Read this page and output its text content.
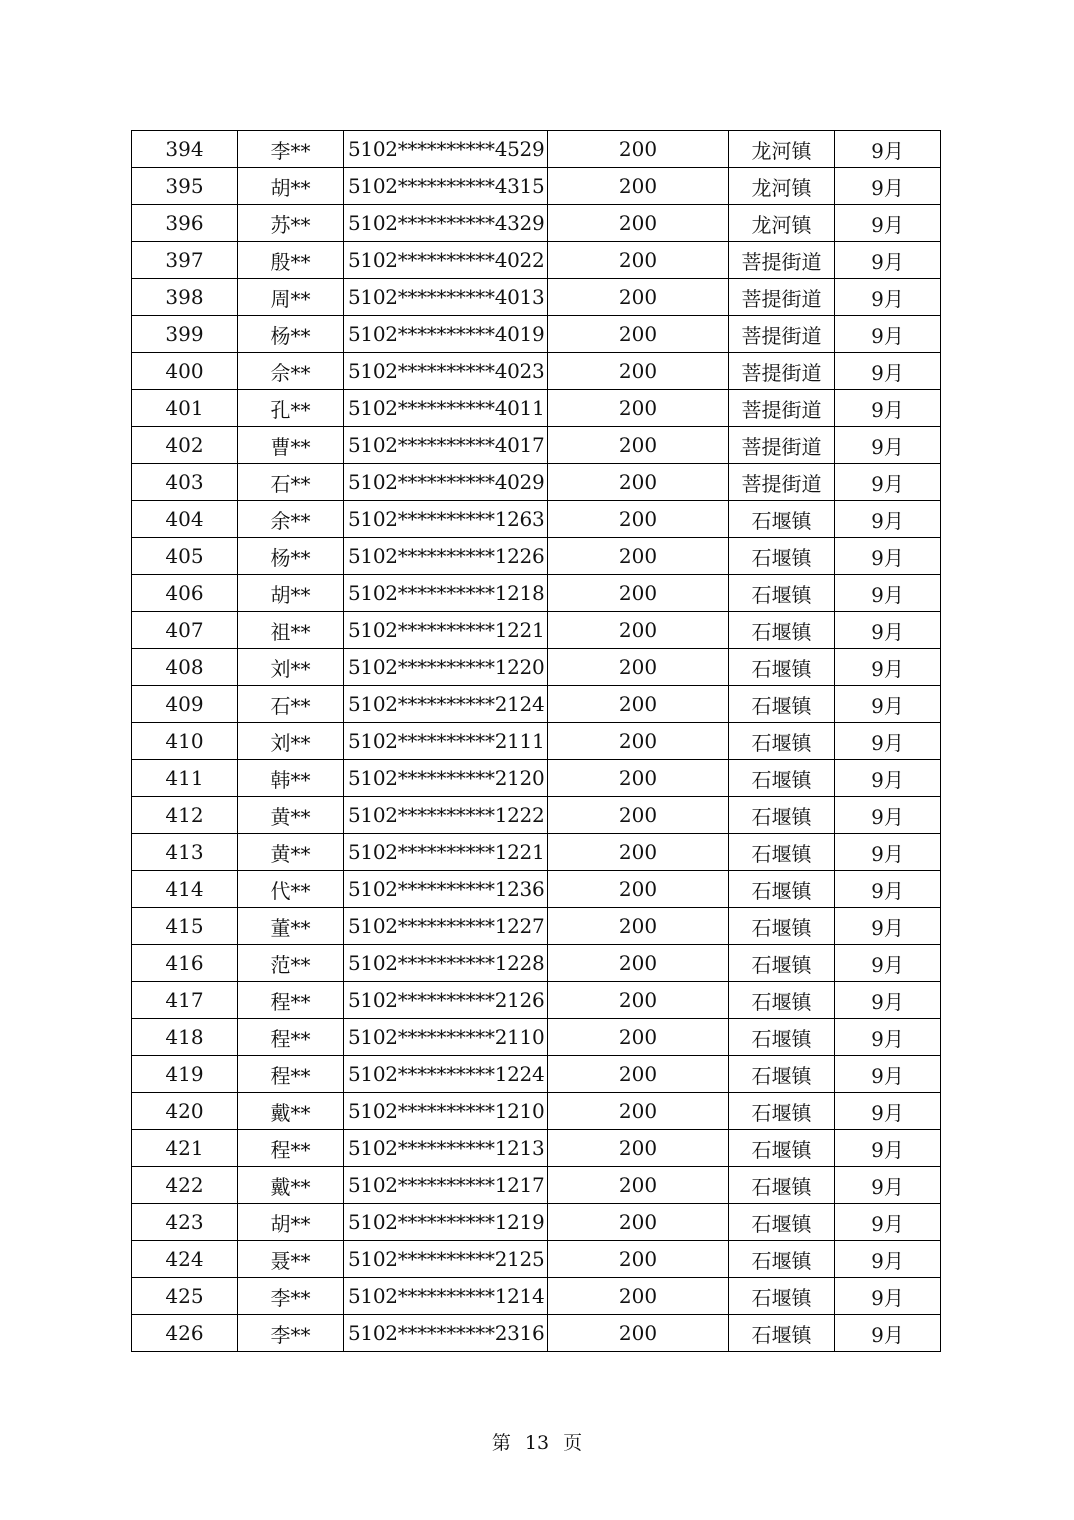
394	李**	5102**********4529	200	龙河镇	9月
395	胡**	5102**********4315	200	龙河镇	9月
396	苏**	5102**********4329	200	龙河镇	9月
397	殷**	5102**********4022	200	菩提街道	9月
398	周**	5102**********4013	200	菩提街道	9月
399	杨**	5102**********4019	200	菩提街道	9月
400	佘**	5102**********4023	200	菩提街道	9月
401	孔**	5102**********4011	200	菩提街道	9月
402	曹**	5102**********4017	200	菩提街道	9月
403	石**	5102**********4029	200	菩提街道	9月
404	余**	5102**********1263	200	石堰镇	9月
405	杨**	5102**********1226	200	石堰镇	9月
406	胡**	5102**********1218	200	石堰镇	9月
407	祖**	5102**********1221	200	石堰镇	9月
408	刘**	5102**********1220	200	石堰镇	9月
409	石**	5102**********2124	200	石堰镇	9月
410	刘**	5102**********2111	200	石堰镇	9月
411	韩**	5102**********2120	200	石堰镇	9月
412	黄**	5102**********1222	200	石堰镇	9月
413	黄**	5102**********1221	200	石堰镇	9月
414	代**	5102**********1236	200	石堰镇	9月
415	董**	5102**********1227	200	石堰镇	9月
416	范**	5102**********1228	200	石堰镇	9月
417	程**	5102**********2126	200	石堰镇	9月
418	程**	5102**********2110	200	石堰镇	9月
419	程**	5102**********1224	200	石堰镇	9月
420	戴**	5102**********1210	200	石堰镇	9月
421	程**	5102**********1213	200	石堰镇	9月
422	戴**	5102**********1217	200	石堰镇	9月
423	胡**	5102**********1219	200	石堰镇	9月
424	聂**	5102**********2125	200	石堰镇	9月
425	李**	5102**********1214	200	石堰镇	9月
426	李**	5102**********2316	200	石堰镇	9月
第 13 页
